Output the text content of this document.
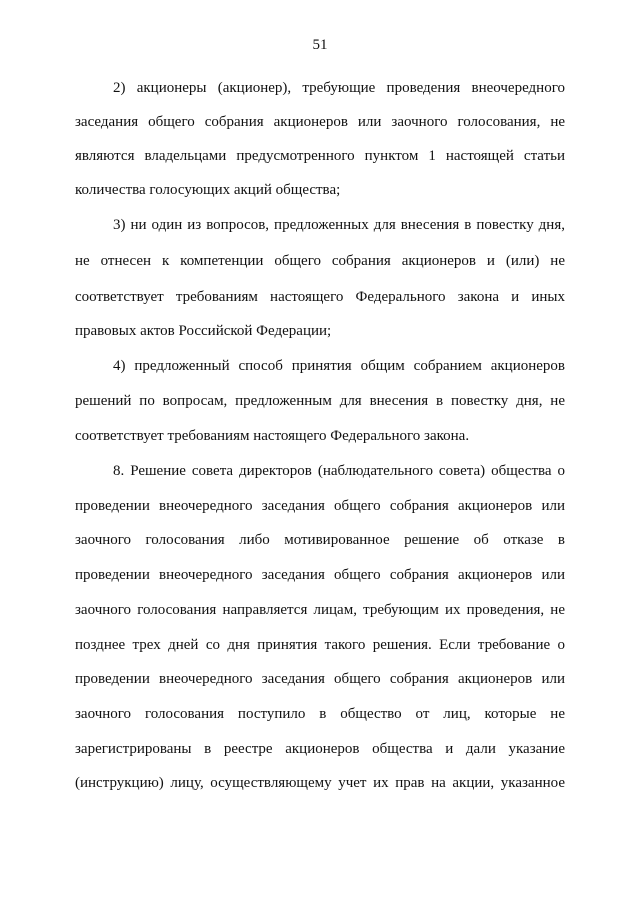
51
2) акционеры (акционер), требующие проведения внеочередного
заседания общего собрания акционеров или заочного голосования, не
являются владельцами предусмотренного пунктом 1 настоящей статьи
количества голосующих акций общества;
3) ни один из вопросов, предложенных для внесения в повестку дня,
не отнесен к компетенции общего собрания акционеров и (или) не
соответствует требованиям настоящего Федерального закона и иных
правовых актов Российской Федерации;
4) предложенный способ принятия общим собранием акционеров
решений по вопросам, предложенным для внесения в повестку дня, не
соответствует требованиям настоящего Федерального закона.
8. Решение совета директоров (наблюдательного совета) общества о
проведении внеочередного заседания общего собрания акционеров или
заочного голосования либо мотивированное решение об отказе в
проведении внеочередного заседания общего собрания акционеров или
заочного голосования направляется лицам, требующим их проведения, не
позднее трех дней со дня принятия такого решения. Если требование о
проведении внеочередного заседания общего собрания акционеров или
заочного голосования поступило в общество от лиц, которые не
зарегистрированы в реестре акционеров общества и дали указание
(инструкцию) лицу, осуществляющему учет их прав на акции, указанное
